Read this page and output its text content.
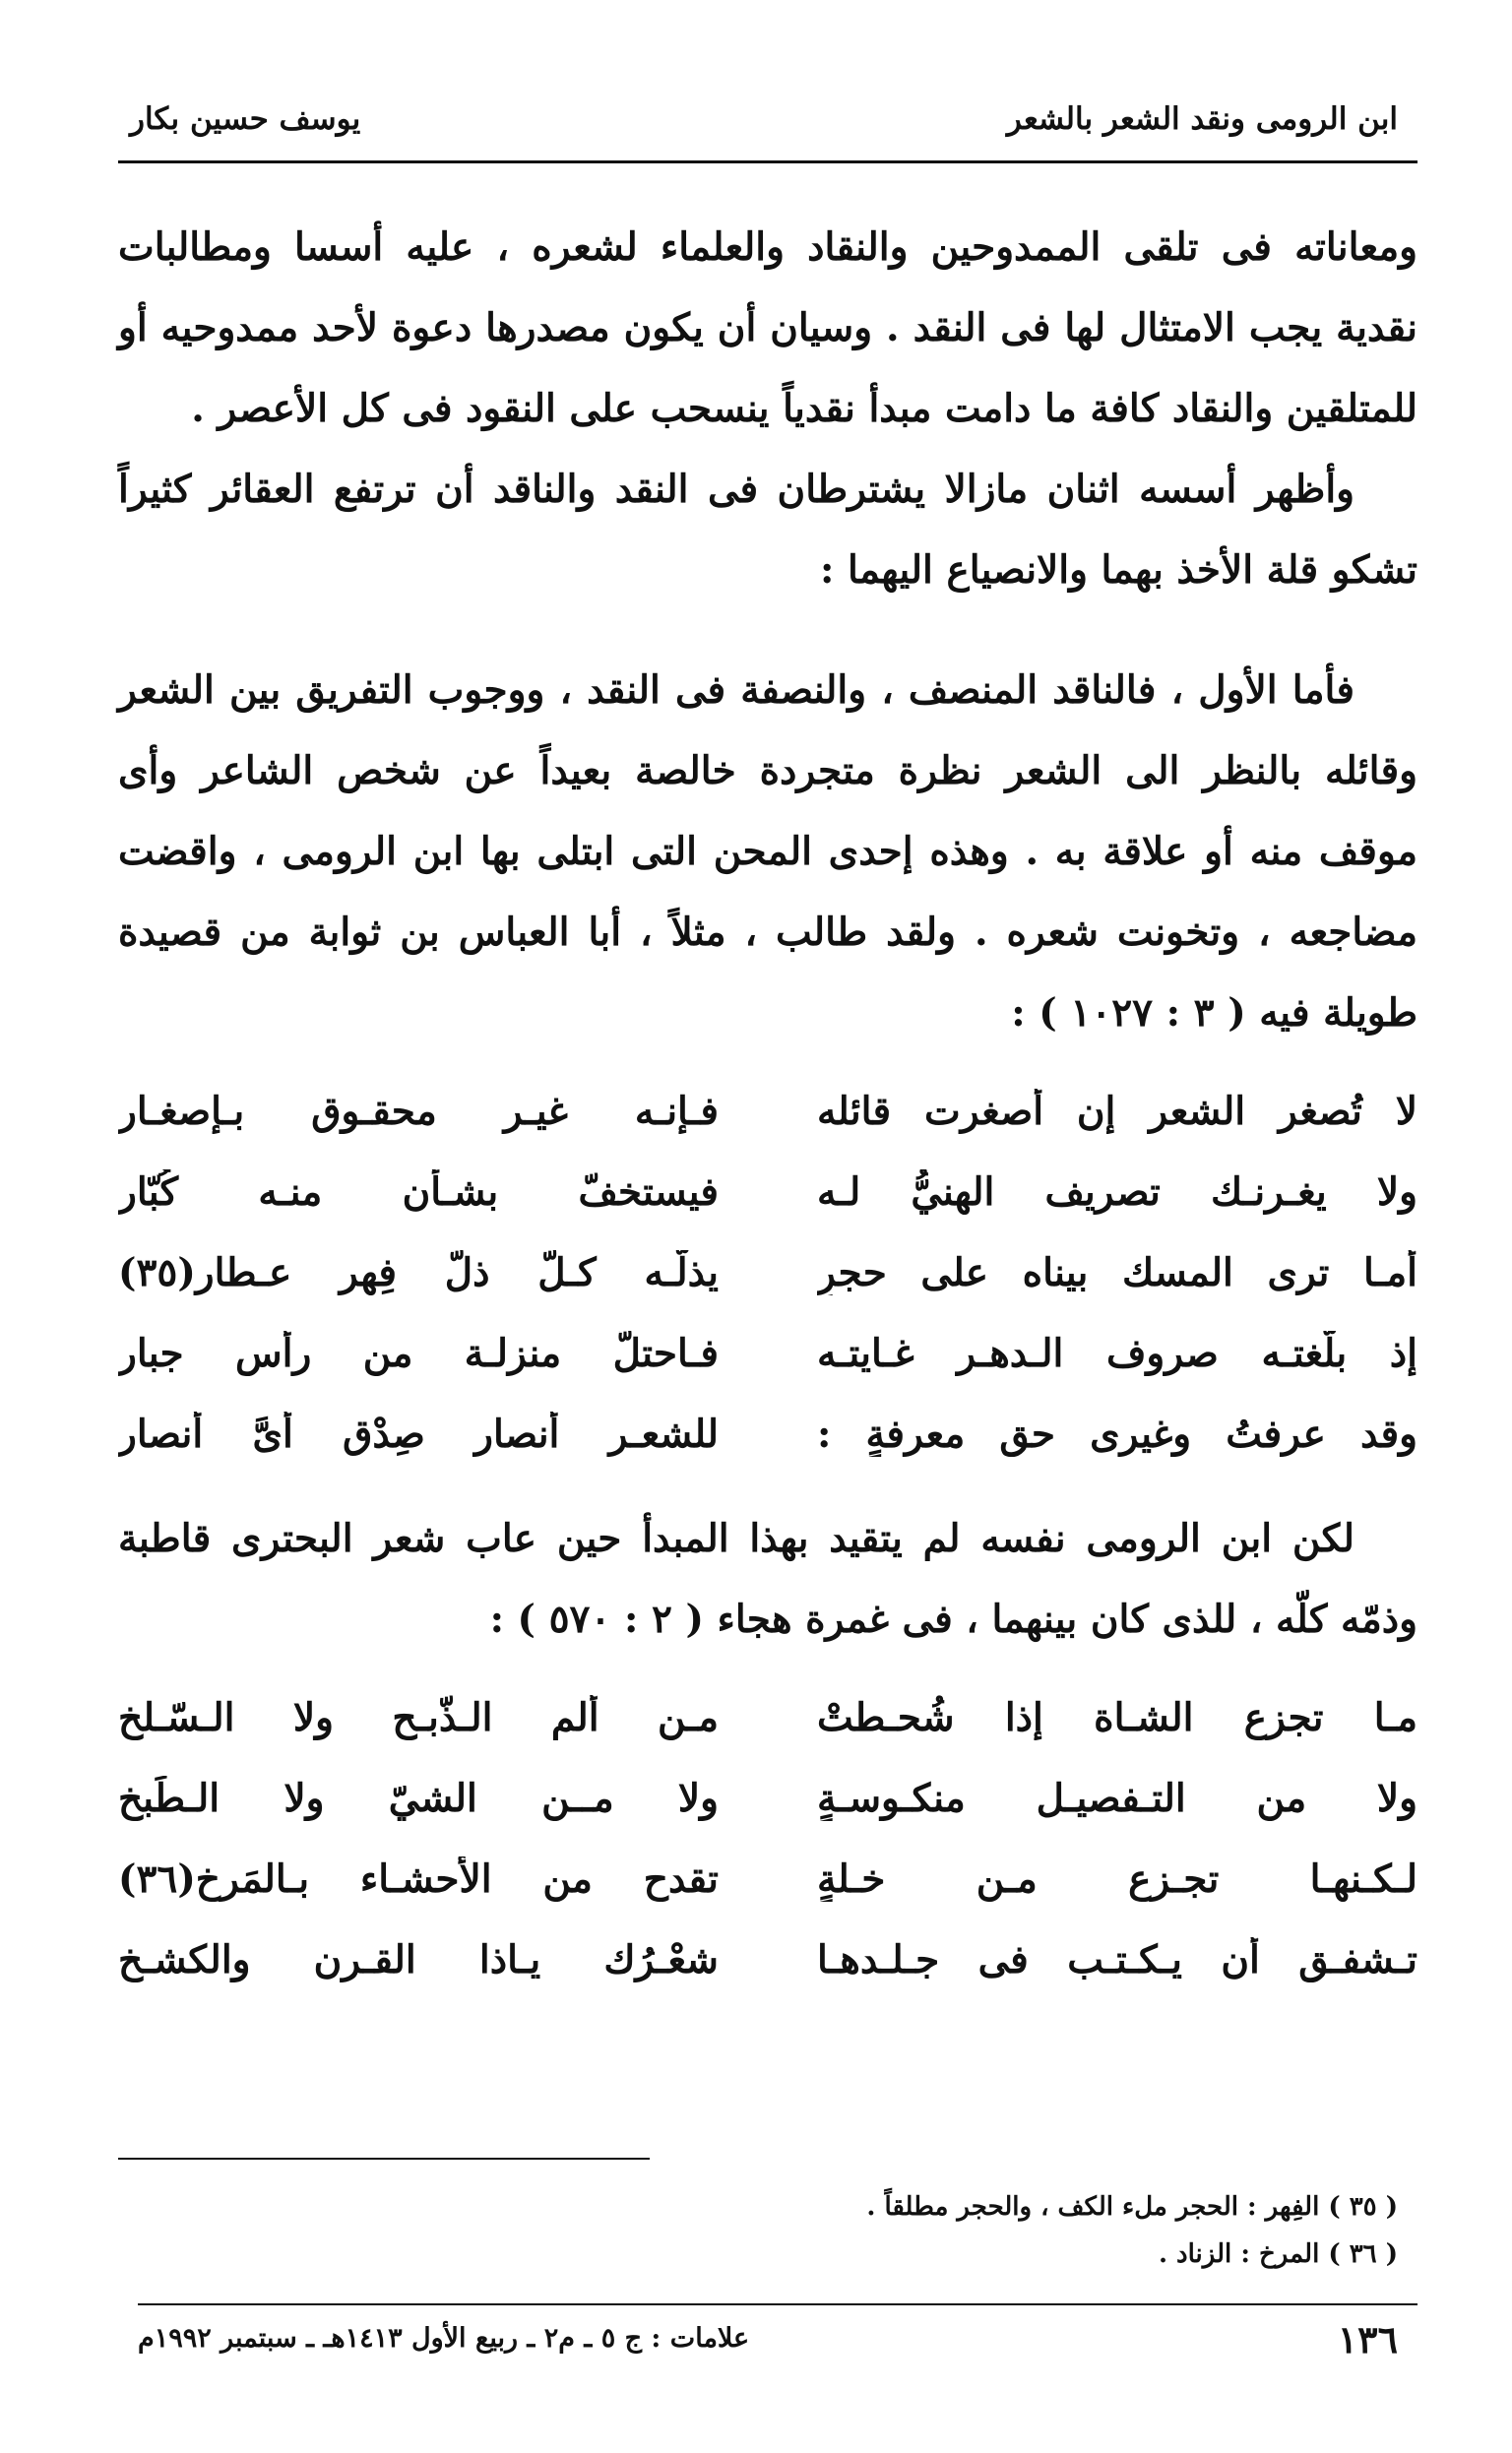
ابن الرومى ونقد الشعر بالشعر
يوسف حسين بكار

ومعاناته فى تلقى الممدوحين والنقاد والعلماء لشعره ، عليه أسسا ومطالبات نقدية يجب الامتثال لها فى النقد . وسيان أن يكون مصدرها دعوة لأحد ممدوحيه أو للمتلقين والنقاد كافة ما دامت مبدأ نقدياً ينسحب على النقود فى كل الأعصر .

وأظهر أسسه اثنان مازالا يشترطان فى النقد والناقد أن ترتفع العقائر كثيراً تشكو قلة الأخذ بهما والانصياع اليهما :

فأما الأول ، فالناقد المنصف ، والنصفة فى النقد ، ووجوب التفريق بين الشعر وقائله بالنظر الى الشعر نظرة متجردة خالصة بعيداً عن شخص الشاعر وأى موقف منه أو علاقة به . وهذه إحدى المحن التى ابتلى بها ابن الرومى ، واقضت مضاجعه ، وتخونت شعره . ولقد طالب ، مثلاً ، أبا العباس بن ثوابة من قصيدة طويلة فيه ( ٣ : ١٠٢٧ ) :

لا تُصغر الشعر إن أصغرت قائله
فـإنـه غيـر محقـوقٍ بـإصغـار
ولا يغـرنـك تصريف الهنيُّ لـه
فيستخفّ بشـأن منـه كُبّار
أمـا ترى المسك بيناه على حجرٍ
يذلّـه كـلّ ذلّ فِهر عـطار(٣٥)
إذ بلّغتـه صروف الـدهـر غـايتـه
فـاحتلَّ منزلـة من رأس جبار
وقد عرفتُ وغيرى حق معرفةٍ :
للشعـر أنصار صِدْقٍ أىَّ أنصار

لكن ابن الرومى نفسه لم يتقيد بهذا المبدأ حين عاب شعر البحترى قاطبة وذمّه كلّه ، للذى كان بينهما ، فى غمرة هجاء ( ٢ : ٥٧٠ ) :

مـا تجزع الشـاة إذا شُحـطتْ
مـن ألم الـذّبـح ولا الـسّـلخ
ولا من التـفصيـل منكـوسـةٍ
ولا مــن الشيّ ولا الـطَبخ
لـكـنهـا تجـزع مـن خـلةٍ
تقدح من الأحشـاء بـالمَرخ(٣٦)
تـشفـق أن يـكـتـب فى جـلـدهـا
شعْـرُك يـاذا القـرن والكشـخ
( ٣٥ ) الفِهر : الحجر ملء الكف ، والحجر مطلقاً .
( ٣٦ ) المرخ : الزناد .
١٣٦
علامات : ج ٥ ـ م٢ ـ ربيع الأول ١٤١٣هـ ـ سبتمبر ١٩٩٢م
